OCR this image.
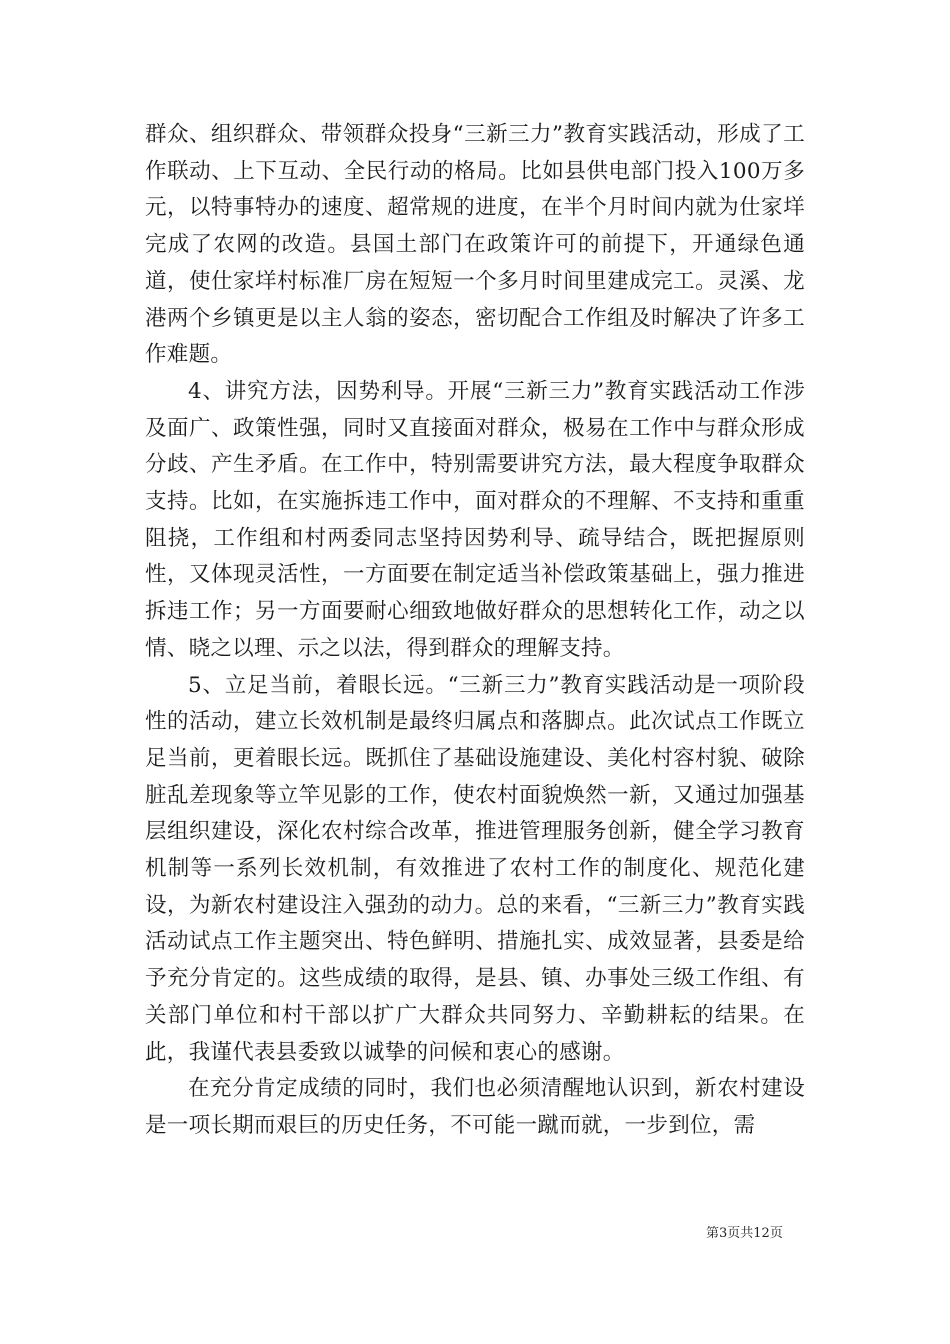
群众、组织群众、带领群众投身“三新三力”教育实践活动，形成了工作联动、上下互动、全民行动的格局。比如县供电部门投入100万多元，以特事特办的速度、超常规的进度，在半个月时间内就为仕家垟完成了农网的改造。县国土部门在政策许可的前提下，开通绿色通道，使仕家垟村标准厂房在短短一个多月时间里建成完工。灵溪、龙港两个乡镇更是以主人翁的姿态，密切配合工作组及时解决了许多工作难题。

4、讲究方法，因势利导。开展“三新三力”教育实践活动工作涉及面广、政策性强，同时又直接面对群众，极易在工作中与群众形成分歧、产生矛盾。在工作中，特别需要讲究方法，最大程度争取群众支持。比如，在实施拆违工作中，面对群众的不理解、不支持和重重阻挠，工作组和村两委同志坚持因势利导、疏导结合，既把握原则性，又体现灵活性，一方面要在制定适当补偿政策基础上，强力推进拆违工作；另一方面要耐心细致地做好群众的思想转化工作，动之以情、晓之以理、示之以法，得到群众的理解支持。

5、立足当前，着眼长远。“三新三力”教育实践活动是一项阶段性的活动，建立长效机制是最终归属点和落脚点。此次试点工作既立足当前，更着眼长远。既抓住了基础设施建设、美化村容村貌、破除脏乱差现象等立竿见影的工作，使农村面貌焕然一新，又通过加强基层组织建设，深化农村综合改革，推进管理服务创新，健全学习教育机制等一系列长效机制，有效推进了农村工作的制度化、规范化建设，为新农村建设注入强劲的动力。总的来看，“三新三力”教育实践活动试点工作主题突出、特色鲜明、措施扎实、成效显著，县委是给予充分肯定的。这些成绩的取得，是县、镇、办事处三级工作组、有关部门单位和村干部以扩广大群众共同努力、辛勤耕耘的结果。在此，我谨代表县委致以诚挚的问候和衷心的感谢。

在充分肯定成绩的同时，我们也必须清醒地认识到，新农村建设是一项长期而艰巨的历史任务，不可能一蹴而就，一步到位，需

第3页共12页
